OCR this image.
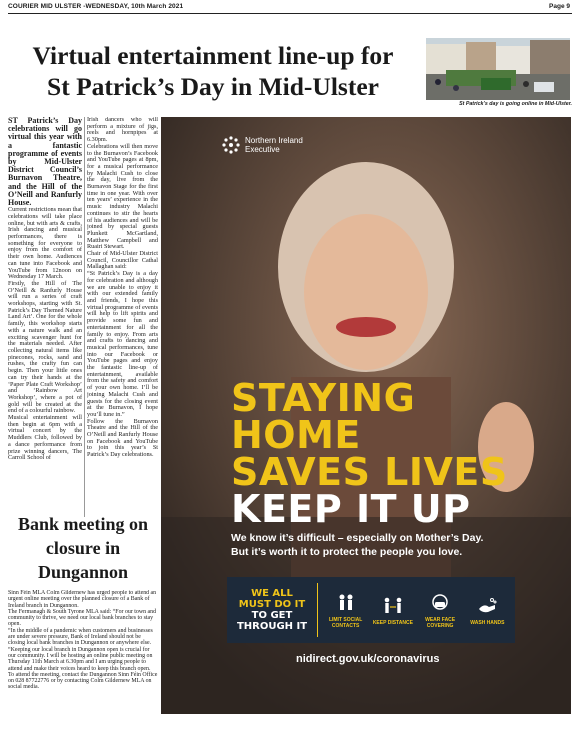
COURIER MID ULSTER -WEDNESDAY, 10th March 2021	Page 9
Virtual entertainment line-up for
St Patrick’s Day in Mid-Ulster
St Patrick’s day is going online in Mid-Ulster.

ST Patrick’s Day celebrations will go virtual this year with a fantastic programme of events by Mid-Ulster District Council’s Burnavon Theatre, and the Hill of the O’Neill and Ranfurly House.

Current restrictions mean that celebrations will take place online, but with arts & crafts, Irish dancing and musical performances, there is something for everyone to enjoy from the comfort of their own home. Audiences can tune into Facebook and YouTube from 12noon on Wednesday 17 March.

Firstly, the Hill of The O’Neill & Ranfurly House will run a series of craft workshops, starting with St. Patrick’s Day Themed Nature Land Art’. One for the whole family, this workshop starts with a nature walk and an exciting scavenger hunt for the materials needed. After collecting natural items like pinecones, rocks, sand and rushes, the crafty fun can begin. Then your little ones can try their hands at the ‘Paper Plate Craft Workshop’ and ‘Rainbow Art Workshop’, where a pot of gold will be created at the end of a colourful rainbow.

Musical entertainment will then begin at 6pm with a virtual concert by the Muddlers Club, followed by a dance performance from prize winning dancers, The Carroll School of

Irish dancers who will perform a mixture of jigs, reels and hornpipes at 6.30pm.

Celebrations will then move to the Burnavon’s Facebook and YouTube pages at 8pm, for a musical performance by Malachi Cush to close the day, live from the Burnavon Stage for the first time in one year. With over ten years’ experience in the music industry Malachi continues to stir the hearts of his audiences and will be joined by special guests Plunkett McGartland, Matthew Campbell and Ruairi Stewart.

Chair of Mid-Ulster District Council, Councillor Cathal Mallaghan said:

“St Patrick’s Day is a day for celebration and although we are unable to enjoy it with our extended family and friends, I hope this virtual programme of events will help to lift spirits and provide some fun and entertainment for all the family to enjoy. From arts and crafts to dancing and musical performances, tune into our Facebook or YouTube pages and enjoy the fantastic line-up of entertainment, available from the safety and comfort of your own home. I’ll be joining Malachi Cush and guests for the closing event at the Burnavon, I hope you’ll tune in.”

Follow the Burnavon Theatre and the Hill of the O’Neill and Ranfurly House on Facebook and YouTube to join this year’s St Patrick’s Day celebrations.

Bank meeting on closure in Dungannon
Sinn Féin MLA Colm Gildernew has urged people to attend an urgent online meeting over the planned closure of a Bank of Ireland branch in Dungannon.
The Fermanagh & South Tyrone MLA said: “For our town and community to thrive, we need our local bank branches to stay open.
“In the middle of a pandemic when customers and businesses are under severe pressure, Bank of Ireland should not be closing local bank branches in Dungannon or anywhere else.
“Keeping our local branch in Dungannon open is crucial for our community. I will be hosting an online public meeting on Thursday 11th March at 6.30pm and I am urging people to attend and make their voices heard to keep this branch open.
To attend the meeting, contact the Dungannon Sinn Féin Office on 028 87722776 or by contacting Colm Gildernew MLA on social media.
Northern Ireland
Executive
STAYING
HOME
SAVES LIVES
KEEP IT UP
We know it’s difficult – especially on Mother’s Day.
But it’s worth it to protect the people you love.
WE ALL
MUST DO IT
TO GET
THROUGH IT
LIMIT SOCIAL CONTACTS	KEEP DISTANCE	WEAR FACE COVERING	WASH HANDS
nidirect.gov.uk/coronavirus
